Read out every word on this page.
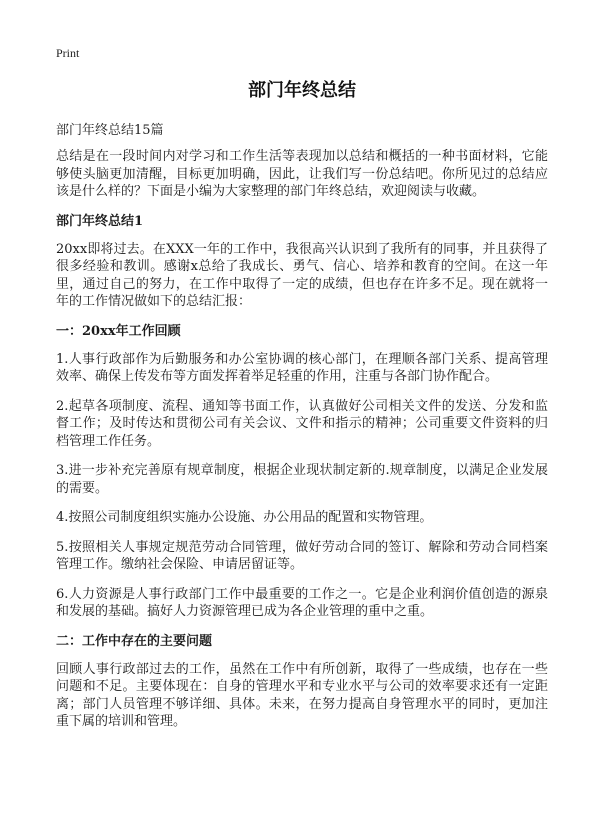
Print
部门年终总结
部门年终总结15篇

总结是在一段时间内对学习和工作生活等表现加以总结和概括的一种书面材料，它能够使头脑更加清醒，目标更加明确，因此，让我们写一份总结吧。你所见过的总结应该是什么样的？下面是小编为大家整理的部门年终总结，欢迎阅读与收藏。

部门年终总结1

20xx即将过去。在XXX一年的工作中，我很高兴认识到了我所有的同事，并且获得了很多经验和教训。感谢x总给了我成长、勇气、信心、培养和教育的空间。在这一年里，通过自己的努力，在工作中取得了一定的成绩，但也存在许多不足。现在就将一年的工作情况做如下的总结汇报：

一：20xx年工作回顾

1.人事行政部作为后勤服务和办公室协调的核心部门，在理顺各部门关系、提高管理效率、确保上传发布等方面发挥着举足轻重的作用，注重与各部门协作配合。

2.起草各项制度、流程、通知等书面工作，认真做好公司相关文件的发送、分发和监督工作；及时传达和贯彻公司有关会议、文件和指示的精神；公司重要文件资料的归档管理工作任务。

3.进一步补充完善原有规章制度，根据企业现状制定新的.规章制度，以满足企业发展的需要。

4.按照公司制度组织实施办公设施、办公用品的配置和实物管理。

5.按照相关人事规定规范劳动合同管理，做好劳动合同的签订、解除和劳动合同档案管理工作。缴纳社会保险、申请居留证等。

6.人力资源是人事行政部门工作中最重要的工作之一。它是企业利润价值创造的源泉和发展的基础。搞好人力资源管理已成为各企业管理的重中之重。

二：工作中存在的主要问题

回顾人事行政部过去的工作，虽然在工作中有所创新，取得了一些成绩，也存在一些问题和不足。主要体现在：自身的管理水平和专业水平与公司的效率要求还有一定距离；部门人员管理不够详细、具体。未来，在努力提高自身管理水平的同时，更加注重下属的培训和管理。
